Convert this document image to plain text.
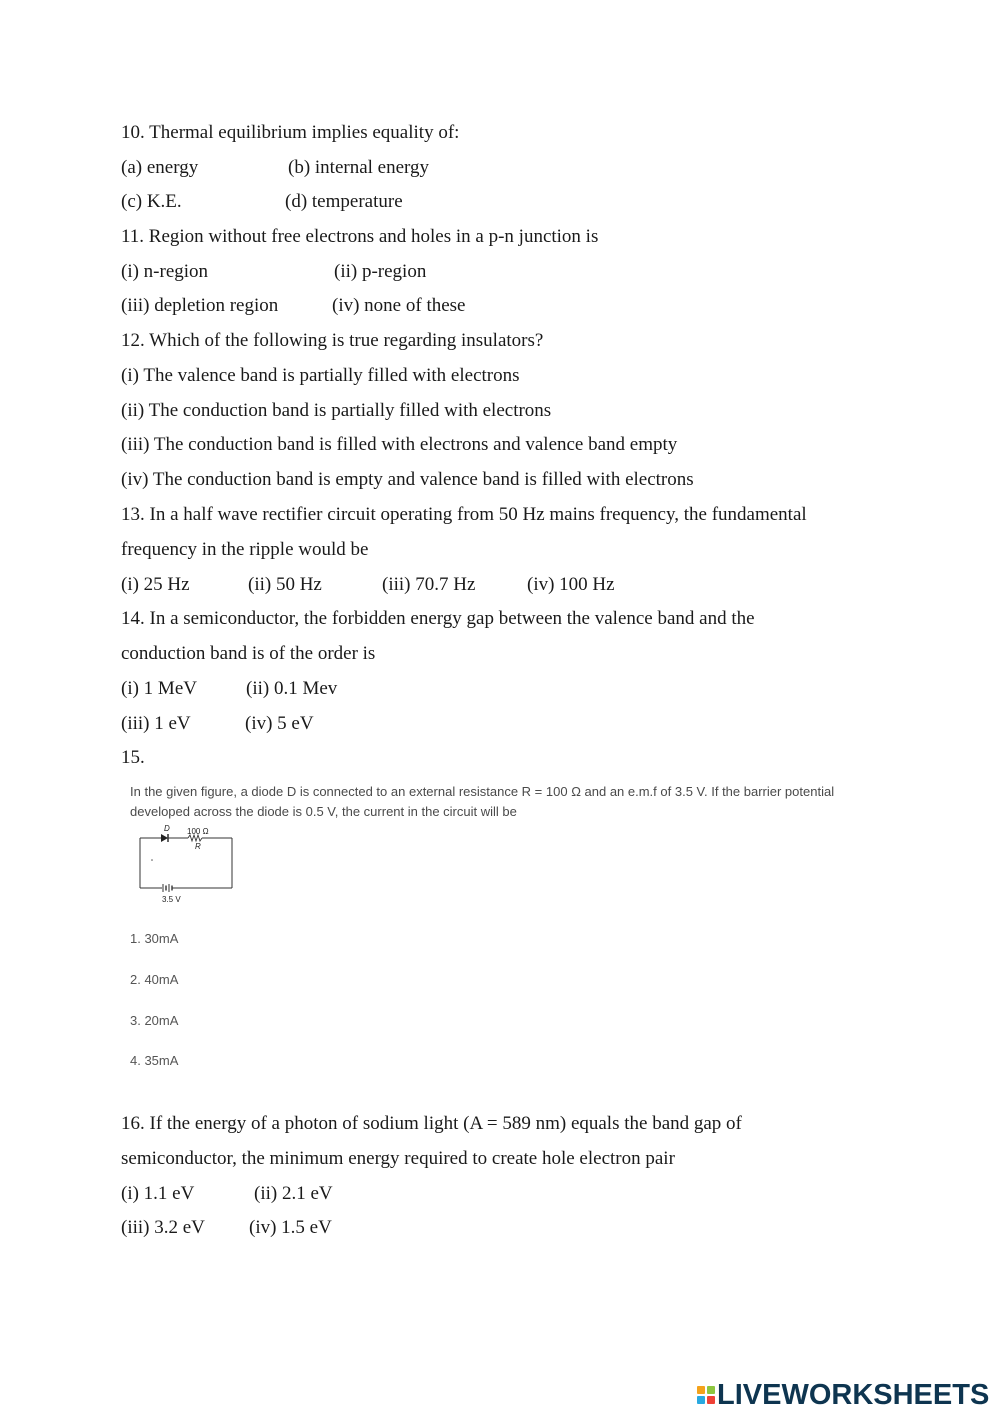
10. Thermal equilibrium implies equality of:
(a) energy	(b) internal energy
(c) K.E.	(d) temperature
11. Region without free electrons and holes in a p-n junction is
(i) n-region	(ii) p-region
(iii) depletion region	(iv) none of these
12. Which of the following is true regarding insulators?
(i) The valence band is partially filled with electrons
(ii) The conduction band is partially filled with electrons
(iii) The conduction band is filled with electrons and valence band empty
(iv) The conduction band is empty and valence band is filled with electrons
13. In a half wave rectifier circuit operating from 50 Hz mains frequency, the fundamental
frequency in the ripple would be
(i) 25 Hz	(ii) 50 Hz	(iii) 70.7 Hz	(iv) 100 Hz
14. In a semiconductor, the forbidden energy gap between the valence band and the
conduction band is of the order is
(i) 1 MeV	(ii) 0.1 Mev
(iii) 1 eV	(iv) 5 eV
15.
In the given figure, a diode D is connected to an external resistance R = 100 Ω and an e.m.f of 3.5 V. If the barrier potential
developed across the diode is 0.5 V, the current in the circuit will be
D 100 Ω
R
3.5 V
1. 30mA
2. 40mA
3. 20mA
4. 35mA
16. If the energy of a photon of sodium light (A = 589 nm) equals the band gap of
semiconductor, the minimum energy required to create hole electron pair
(i) 1.1 eV	(ii) 2.1 eV
(iii) 3.2 eV (iv) 1.5 eV
LIVEWORKSHEETS
